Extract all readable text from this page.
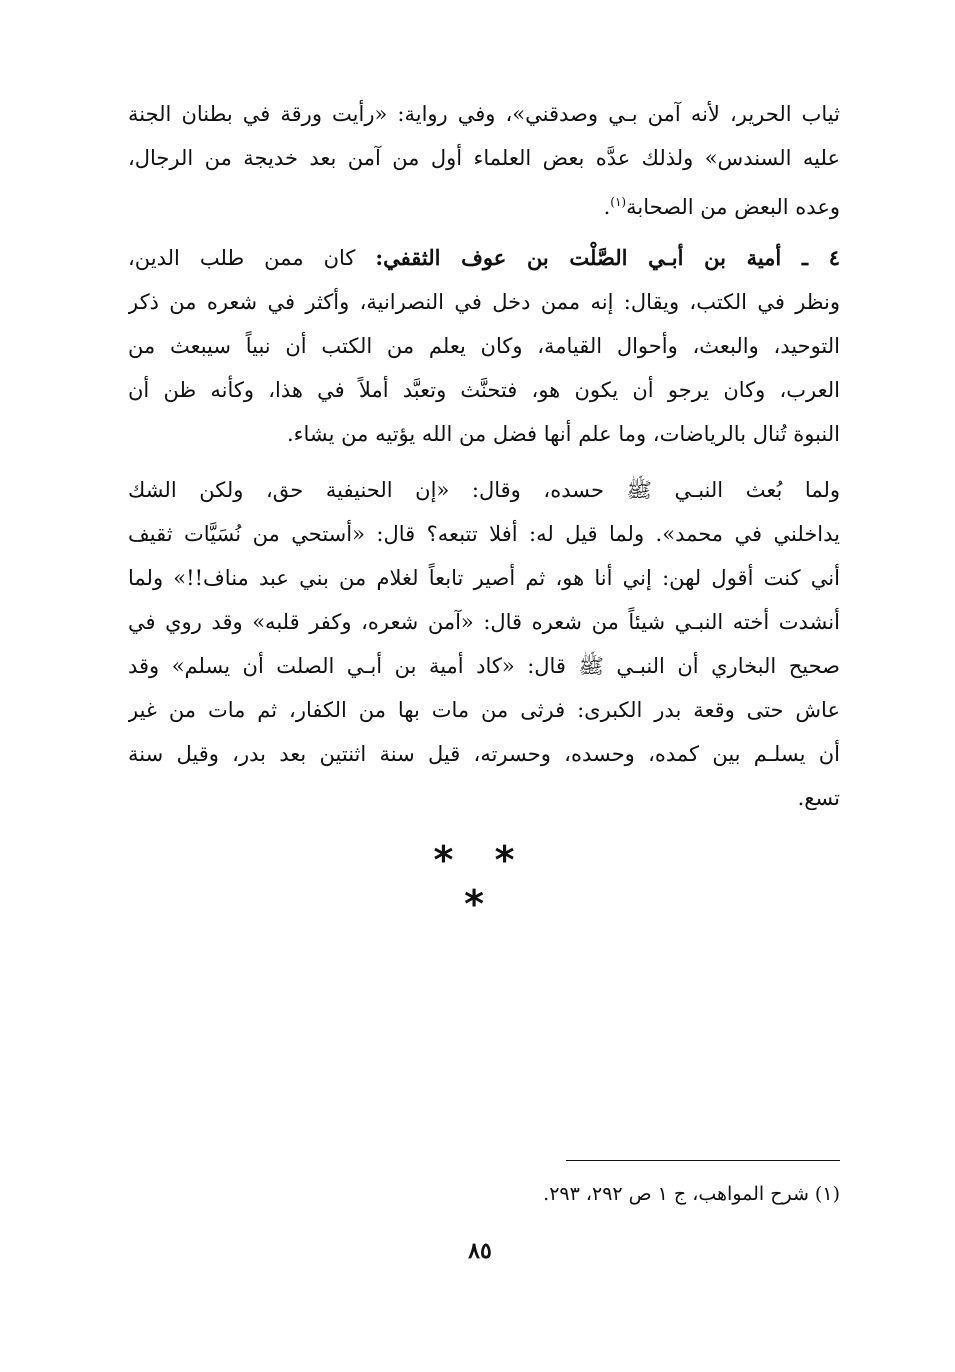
ثياب الحرير، لأنه آمن بـي وصدقني»، وفي رواية: «رأيت ورقة في بطنان الجنة
عليه السندس» ولذلك عدَّه بعض العلماء أول من آمن بعد خديجة من الرجال،
وعده البعض من الصحابة$^{(١)}$.
٤ ـ أمية بن أبـي الصَّلْت بن عوف الثقفي: كان ممن طلب الدين،
ونظر في الكتب، ويقال: إنه ممن دخل في النصرانية، وأكثر في شعره من ذكر
التوحيد، والبعث، وأحوال القيامة، وكان يعلم من الكتب أن نبياً سيبعث من
العرب، وكان يرجو أن يكون هو، فتحنَّث وتعبَّد أملاً في هذا، وكأنه ظن أن
النبوة تُنال بالرياضات، وما علم أنها فضل من الله يؤتيه من يشاء.
ولما بُعث النبـي ﷺ حسده، وقال: «إن الحنيفية حق، ولكن الشك
يداخلني في محمد». ولما قيل له: أفلا تتبعه؟ قال: «أستحي من نُسَيَّات ثقيف
أني كنت أقول لهن: إني أنا هو، ثم أصير تابعاً لغلام من بني عبد مناف!!» ولما
أنشدت أخته النبـي شيئاً من شعره قال: «آمن شعره، وكفر قلبه» وقد روي في
صحيح البخاري أن النبـي ﷺ قال: «كاد أمية بن أبـي الصلت أن يسلم» وقد
عاش حتى وقعة بدر الكبرى: فرثى من مات بها من الكفار، ثم مات من غير
أن يسلـم بين كمده، وحسده، وحسرته، قيل سنة اثنتين بعد بدر، وقيل سنة
تسع.
* * *
(١) شرح المواهب، ج ١ ص ٢٩٢، ٢٩٣.
٨٥
